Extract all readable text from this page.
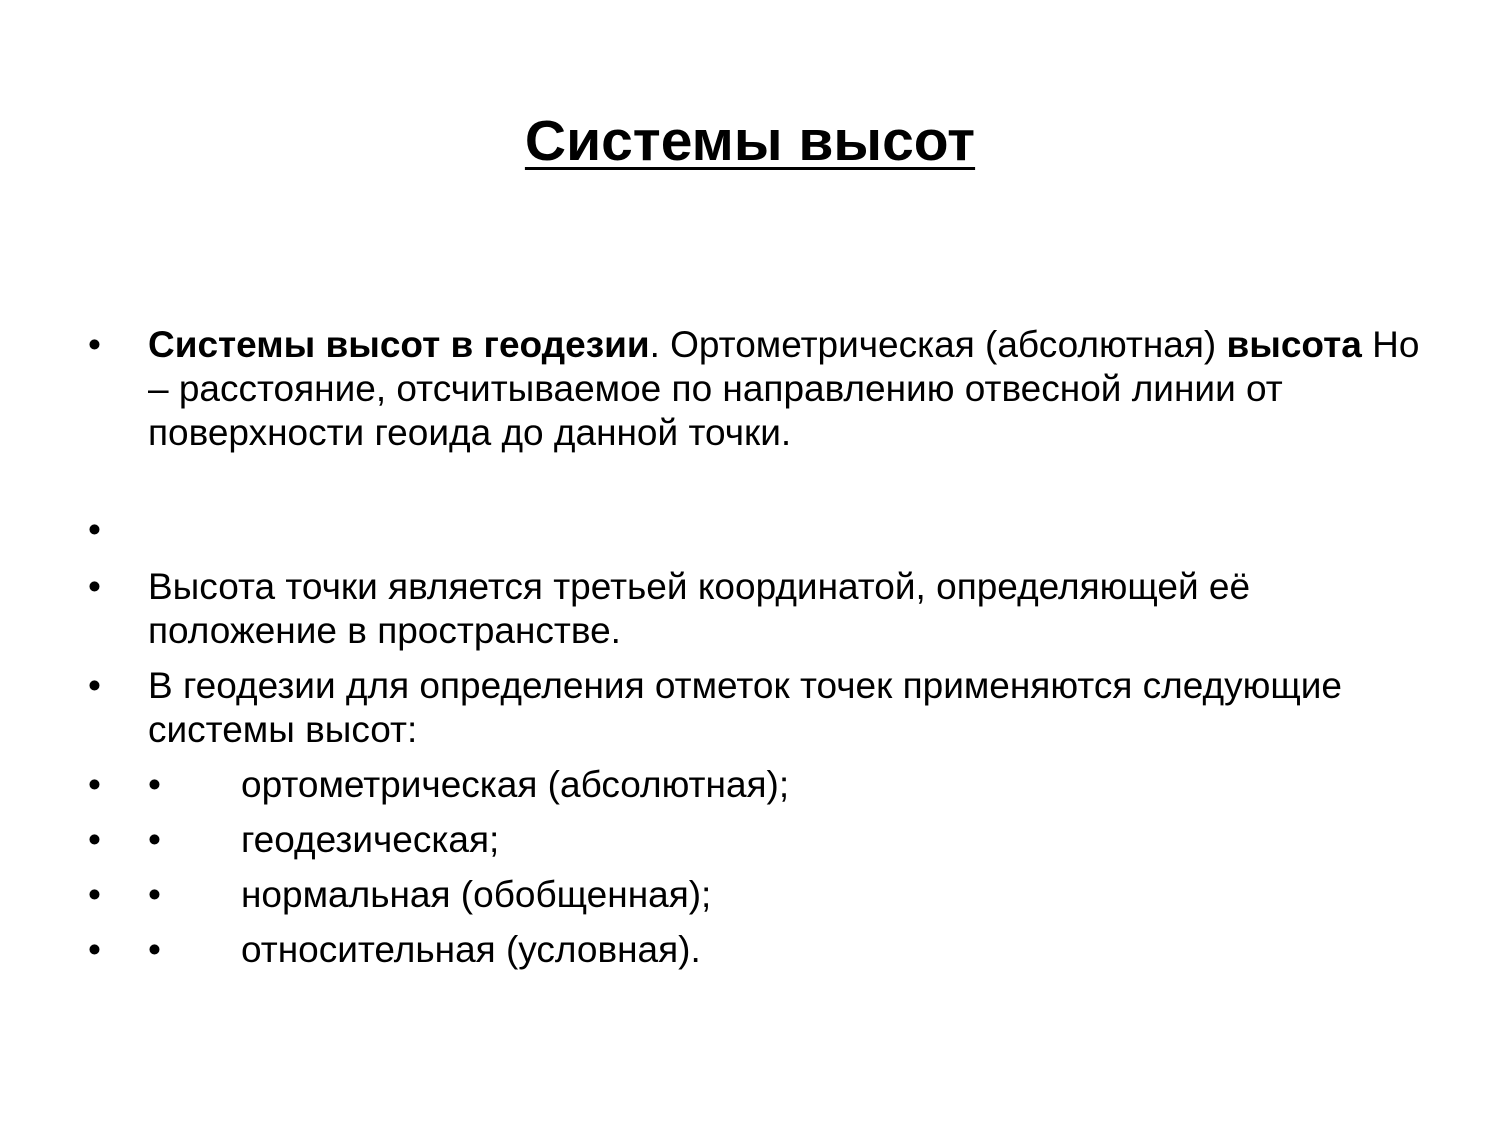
Системы высот
• Системы высот в геодезии. Ортометрическая (абсолютная) высота Hо – расстояние, отсчитываемое по направлению отвесной линии от поверхности геоида до данной точки.
•
• Высота точки является третьей координатой, определяющей её положение в пространстве.
• В геодезии для определения отметок точек применяются следующие системы высот:
• • ортометрическая (абсолютная);
• • геодезическая;
• • нормальная (обобщенная);
• • относительная (условная).
